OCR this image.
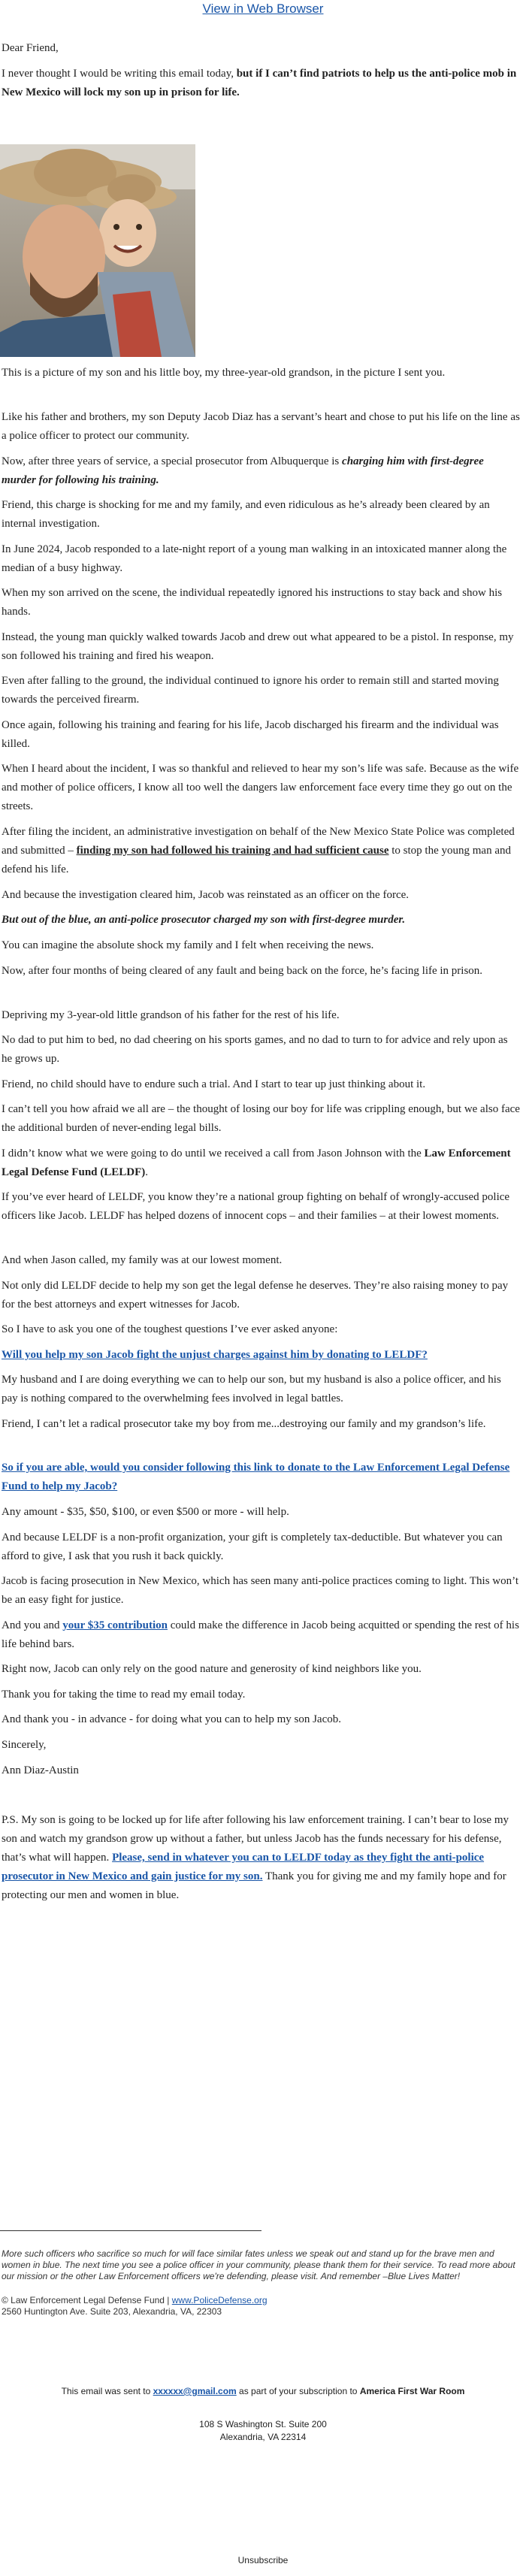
View in Web Browser

Dear Friend,

I never thought I would be writing this email today, but if I can’t find patriots to help us the anti-police mob in New Mexico will lock my son up in prison for life.

This is a picture of my son and his little boy, my three-year-old grandson, in the picture I sent you.

Like his father and brothers, my son Deputy Jacob Diaz has a servant’s heart and chose to put his life on the line as a police officer to protect our community.

Now, after three years of service, a special prosecutor from Albuquerque is charging him with first-degree murder for following his training.

Friend, this charge is shocking for me and my family, and even ridiculous as he’s already been cleared by an internal investigation.

In June 2024, Jacob responded to a late-night report of a young man walking in an intoxicated manner along the median of a busy highway.

When my son arrived on the scene, the individual repeatedly ignored his instructions to stay back and show his hands.

Instead, the young man quickly walked towards Jacob and drew out what appeared to be a pistol. In response, my son followed his training and fired his weapon.

Even after falling to the ground, the individual continued to ignore his order to remain still and started moving towards the perceived firearm.

Once again, following his training and fearing for his life, Jacob discharged his firearm and the individual was killed.

When I heard about the incident, I was so thankful and relieved to hear my son’s life was safe. Because as the wife and mother of police officers, I know all too well the dangers law enforcement face every time they go out on the streets.

After filing the incident, an administrative investigation on behalf of the New Mexico State Police was completed and submitted – finding my son had followed his training and had sufficient cause to stop the young man and defend his life.

And because the investigation cleared him, Jacob was reinstated as an officer on the force.

But out of the blue, an anti-police prosecutor charged my son with first-degree murder.

You can imagine the absolute shock my family and I felt when receiving the news.

Now, after four months of being cleared of any fault and being back on the force, he’s facing life in prison.

Depriving my 3-year-old little grandson of his father for the rest of his life.

No dad to put him to bed, no dad cheering on his sports games, and no dad to turn to for advice and rely upon as he grows up.

Friend, no child should have to endure such a trial. And I start to tear up just thinking about it.

I can’t tell you how afraid we all are – the thought of losing our boy for life was crippling enough, but we also face the additional burden of never-ending legal bills.

I didn’t know what we were going to do until we received a call from Jason Johnson with the Law Enforcement Legal Defense Fund (LELDF).

If you’ve ever heard of LELDF, you know they’re a national group fighting on behalf of wrongly-accused police officers like Jacob. LELDF has helped dozens of innocent cops – and their families – at their lowest moments.

And when Jason called, my family was at our lowest moment.

Not only did LELDF decide to help my son get the legal defense he deserves. They’re also raising money to pay for the best attorneys and expert witnesses for Jacob.

So I have to ask you one of the toughest questions I’ve ever asked anyone:

Will you help my son Jacob fight the unjust charges against him by donating to LELDF?

My husband and I are doing everything we can to help our son, but my husband is also a police officer, and his pay is nothing compared to the overwhelming fees involved in legal battles.

Friend, I can’t let a radical prosecutor take my boy from me...destroying our family and my grandson’s life.

So if you are able, would you consider following this link to donate to the Law Enforcement Legal Defense Fund to help my Jacob?

Any amount - $35, $50, $100, or even $500 or more - will help.

And because LELDF is a non-profit organization, your gift is completely tax-deductible. But whatever you can afford to give, I ask that you rush it back quickly.

Jacob is facing prosecution in New Mexico, which has seen many anti-police practices coming to light. This won’t be an easy fight for justice.

And you and your $35 contribution could make the difference in Jacob being acquitted or spending the rest of his life behind bars.

Right now, Jacob can only rely on the good nature and generosity of kind neighbors like you.

Thank you for taking the time to read my email today.

And thank you - in advance - for doing what you can to help my son Jacob.

Sincerely,

Ann Diaz-Austin

P.S. My son is going to be locked up for life after following his law enforcement training. I can’t bear to lose my son and watch my grandson grow up without a father, but unless Jacob has the funds necessary for his defense, that’s what will happen. Please, send in whatever you can to LELDF today as they fight the anti-police prosecutor in New Mexico and gain justice for my son. Thank you for giving me and my family hope and for protecting our men and women in blue.

More such officers who sacrifice so much for will face similar fates unless we speak out and stand up for the brave men and women in blue. The next time you see a police officer in your community, please thank them for their service. To read more about our mission or the other Law Enforcement officers we're defending, please visit. And remember –Blue Lives Matter!
© Law Enforcement Legal Defense Fund | www.PoliceDefense.org
2560 Huntington Ave. Suite 203, Alexandria, VA, 22303
This email was sent to xxxxxx@gmail.com as part of your subscription to America First War Room
108 S Washington St. Suite 200
Alexandria, VA 22314
Unsubscribe
